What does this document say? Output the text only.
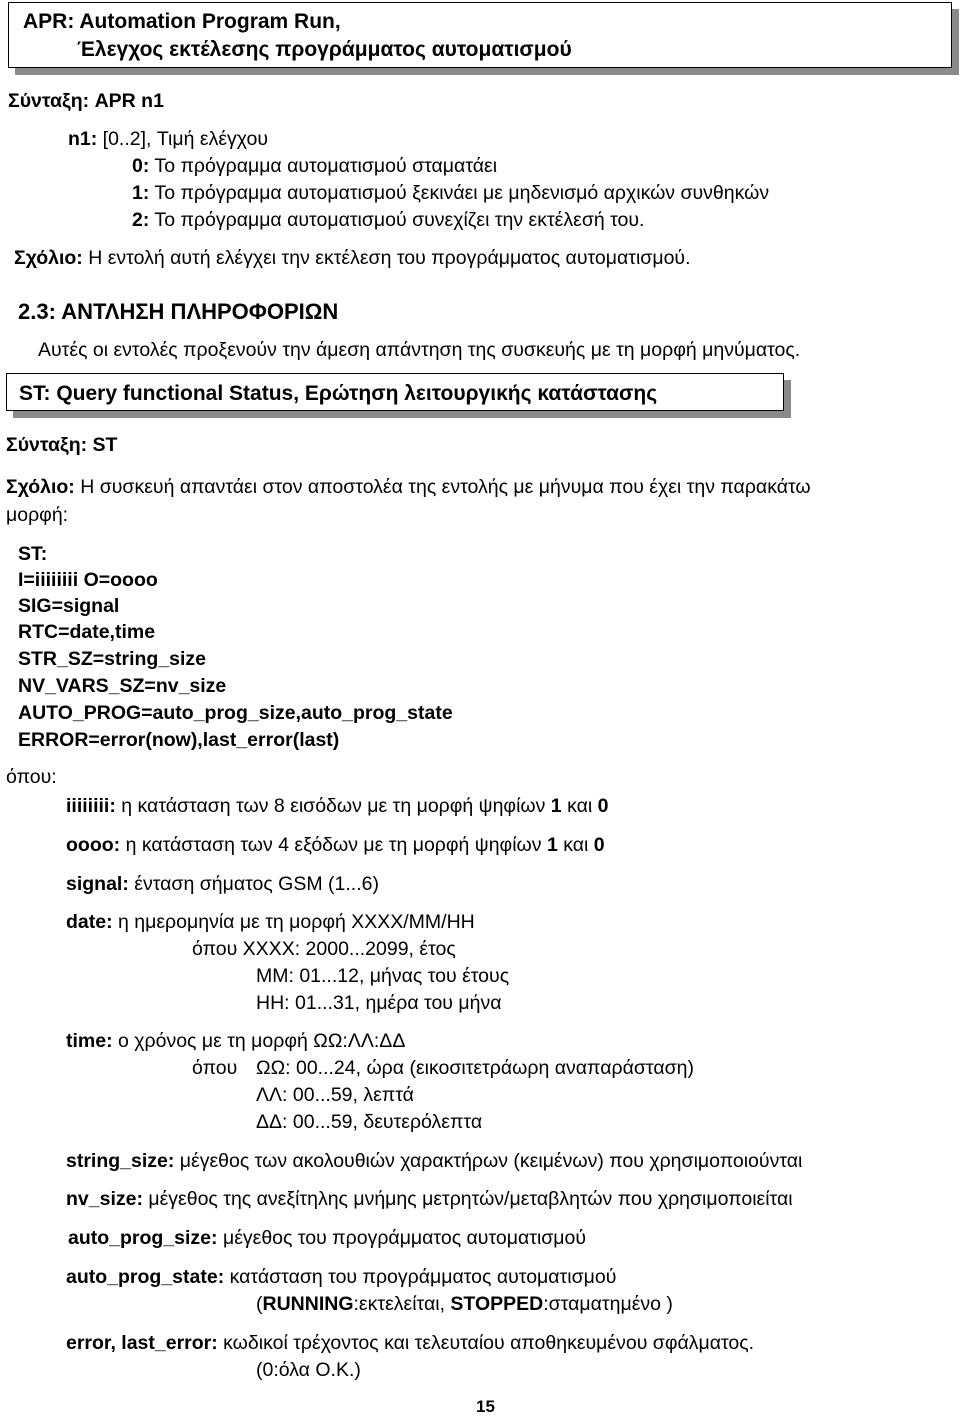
APR: Automation Program Run,
Έλεγχος εκτέλεσης προγράμματος αυτοματισμού
Σύνταξη: APR n1
n1: [0..2], Τιμή ελέγχου
0: Το πρόγραμμα αυτοματισμού σταματάει
1: Το πρόγραμμα αυτοματισμού ξεκινάει με μηδενισμό αρχικών συνθηκών
2: Το πρόγραμμα αυτοματισμού συνεχίζει την εκτέλεσή του.
Σχόλιο: Η εντολή αυτή ελέγχει την εκτέλεση του προγράμματος αυτοματισμού.
2.3: ΑΝΤΛΗΣΗ ΠΛΗΡΟΦΟΡΙΩΝ
Αυτές οι εντολές προξενούν την άμεση απάντηση της συσκευής με τη μορφή μηνύματος.
ST: Query functional Status, Ερώτηση λειτουργικής κατάστασης
Σύνταξη: ST
Σχόλιο: Η συσκευή απαντάει στον αποστολέα της εντολής με μήνυμα που έχει την παρακάτω
μορφή:
ST:
I=iiiiiiii O=oooo
SIG=signal
RTC=date,time
STR_SZ=string_size
NV_VARS_SZ=nv_size
AUTO_PROG=auto_prog_size,auto_prog_state
ERROR=error(now),last_error(last)
όπου:
iiiiiiii: η κατάσταση των 8 εισόδων με τη μορφή ψηφίων 1 και 0
oooo: η κατάσταση των 4 εξόδων με τη μορφή ψηφίων 1 και 0
signal: ένταση σήματος GSM (1...6)
date: η ημερομηνία με τη μορφή XXXX/MM/HH
όπου XXXX: 2000...2099, έτος
MM: 01...12, μήνας του έτους
HH: 01...31, ημέρα του μήνα
time: ο χρόνος με τη μορφή ΩΩ:ΛΛ:ΔΔ
όπου ΩΩ: 00...24, ώρα (εικοσιτετράωρη αναπαράσταση)
ΛΛ: 00...59, λεπτά
ΔΔ: 00...59, δευτερόλεπτα
string_size: μέγεθος των ακολουθιών χαρακτήρων (κειμένων) που χρησιμοποιούνται
nv_size: μέγεθος της ανεξίτηλης μνήμης μετρητών/μεταβλητών που χρησιμοποιείται
auto_prog_size: μέγεθος του προγράμματος αυτοματισμού
auto_prog_state: κατάσταση του προγράμματος αυτοματισμού
(RUNNING:εκτελείται, STOPPED:σταματημένο )
error, last_error: κωδικοί τρέχοντος και τελευταίου αποθηκευμένου σφάλματος.
(0:όλα Ο.Κ.)
15
